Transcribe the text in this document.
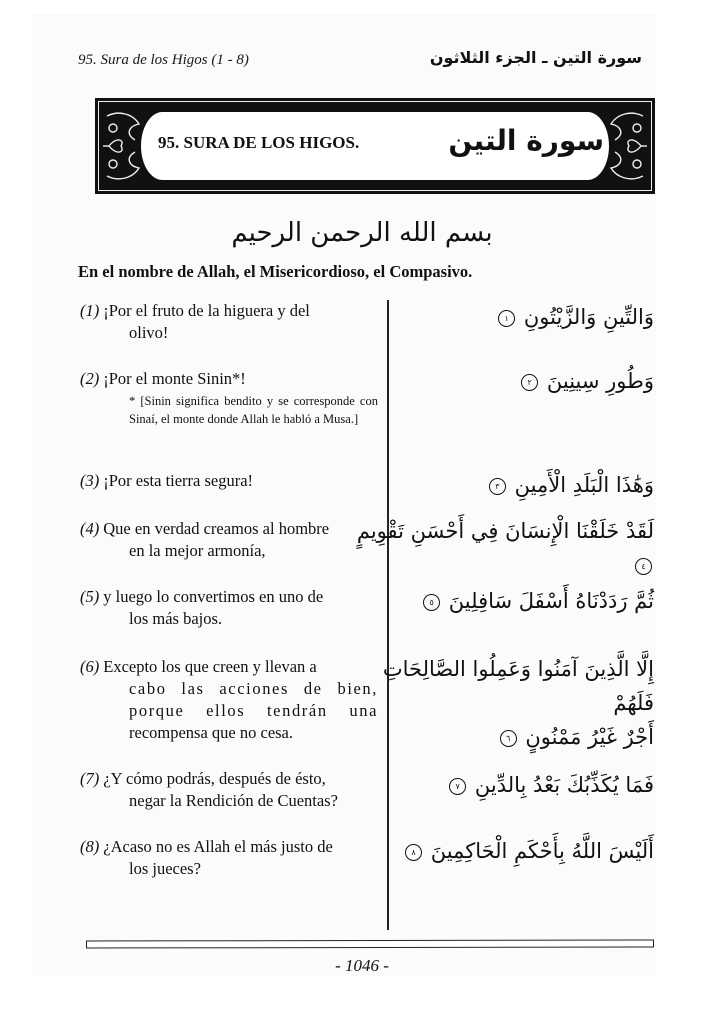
95. Sura de los Higos (1 - 8)	سورة التين ـ الجزء الثلاثون
95. SURA DE LOS HIGOS.	سورة التين
بسم الله الرحمن الرحيم
En el nombre de Allah, el Misericordioso, el Compasivo.
(1) ¡Por el fruto de la higuera y del
olivo!
وَالتِّينِ وَالزَّيْتُونِ ١
(2) ¡Por el monte Sinin*!
* [Sinin significa bendito y se corresponde con Sinaí, el monte donde Allah le habló a Musa.]
وَطُورِ سِينِينَ ٢
(3) ¡Por esta tierra segura!	وَهَٰذَا الْبَلَدِ الْأَمِينِ ٣
(4) Que en verdad creamos al hombre
en la mejor armonía,
لَقَدْ خَلَقْنَا الْإِنسَانَ فِي أَحْسَنِ تَقْوِيمٍ ٤
(5) y luego lo convertimos en uno de
los más bajos.
ثُمَّ رَدَدْنَاهُ أَسْفَلَ سَافِلِينَ ٥
(6) Excepto los que creen y llevan a
cabo las acciones de bien,
porque ellos tendrán una
recompensa que no cesa.
إِلَّا الَّذِينَ آمَنُوا وَعَمِلُوا الصَّالِحَاتِ فَلَهُمْ
أَجْرٌ غَيْرُ مَمْنُونٍ ٦
(7) ¿Y cómo podrás, después de ésto,
negar la Rendición de Cuentas?
فَمَا يُكَذِّبُكَ بَعْدُ بِالدِّينِ ٧
(8) ¿Acaso no es Allah el más justo de
los jueces?
أَلَيْسَ اللَّهُ بِأَحْكَمِ الْحَاكِمِينَ ٨
- 1046 -
